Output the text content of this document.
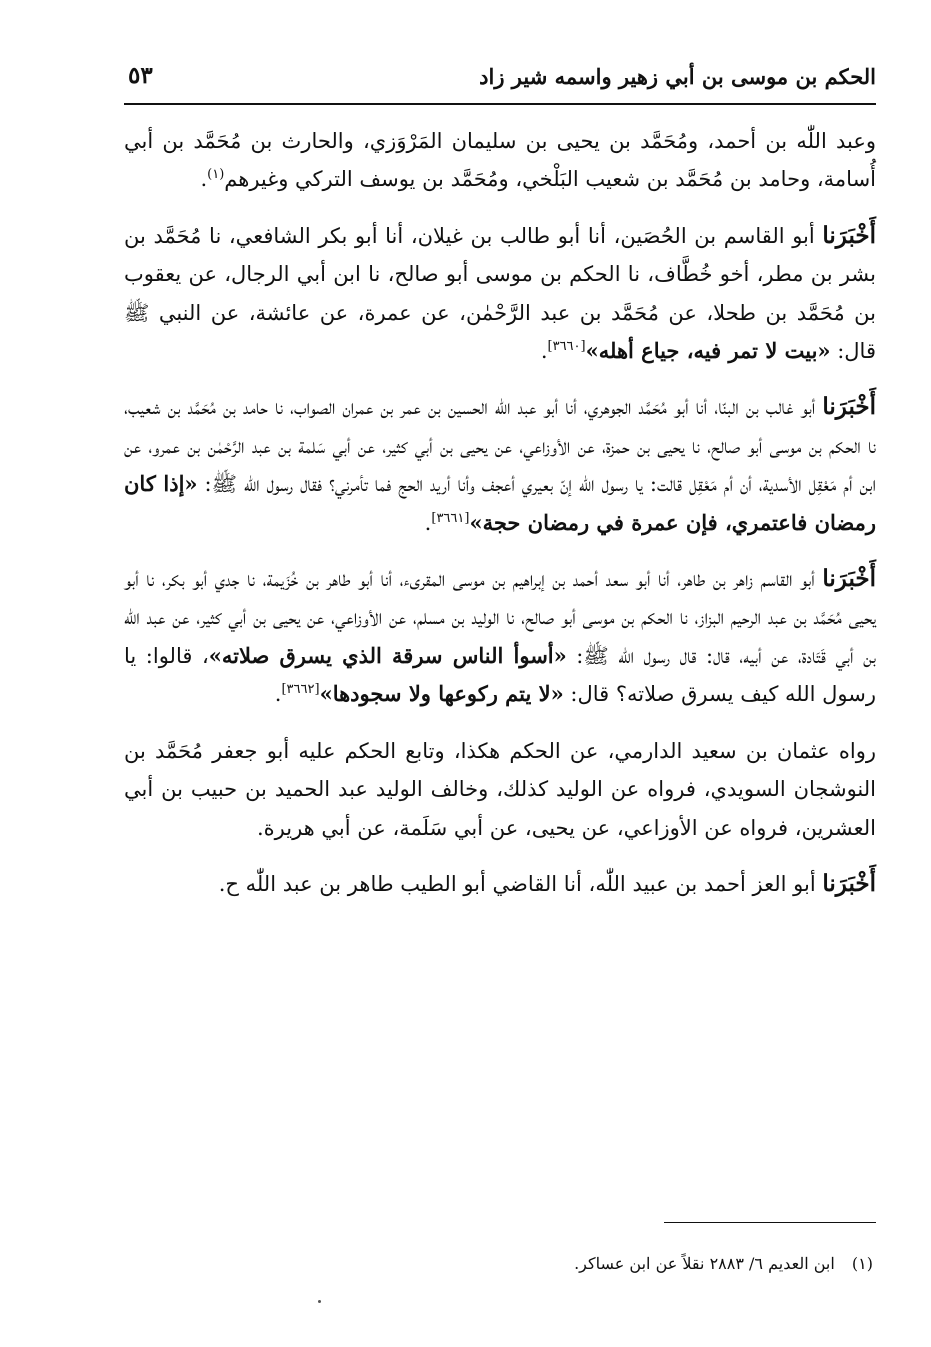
الحكم بن موسى بن أبي زهير واسمه شير زاد
٥٣

وعبد اللّٰه بن أحمد، ومُحَمَّد بن يحيى بن سليمان المَرْوَزي، والحارث بن مُحَمَّد بن أبي أُسامة، وحامد بن مُحَمَّد بن شعيب البَلْخي، ومُحَمَّد بن يوسف التركي وغيرهم$^{(١)}$.

أَخْبَرَنا أبو القاسم بن الحُصَين، أنا أبو طالب بن غيلان، أنا أبو بكر الشافعي، نا مُحَمَّد بن بشر بن مطر، أخو خُطَّاف، نا الحكم بن موسى أبو صالح، نا ابن أبي الرجال، عن يعقوب بن مُحَمَّد بن طحلا، عن مُحَمَّد بن عبد الرَّحْمٰن، عن عمرة، عن عائشة، عن النبي ﷺ قال: «بيت لا تمر فيه، جياع أهله»[٣٦٦٠].

أَخْبَرَنا أبو غالب بن البنّا، أنا أبو مُحَمَّد الجوهري، أنا أبو عبد اللّٰه الحسين بن عمر بن عمران الصواب، نا حامد بن مُحَمَّد بن شعيب، نا الحكم بن موسى أبو صالح، نا يحيى بن حمزة، عن الأوزاعي، عن يحيى بن أبي كثير، عن أبي سَلمة بن عبد الرَّحْمٰن بن عمرو، عن ابن أم مَعْقِل الأسدية، أن أم مَعْقِل قالت: يا رسول الله إنّ بعيري أعجف وأنا أريد الحج فما تأمرني؟ فقال رسول الله ﷺ: «إذا كان رمضان فاعتمري، فإن عمرة في رمضان حجة»[٣٦٦١].

أَخْبَرَنا أبو القاسم زاهر بن طاهر، أنا أبو سعد أحمد بن إبراهيم بن موسى المقرىء، أنا أبو طاهر بن خُزَيمة، نا جدي أبو بكر، نا أبو يحيى مُحَمَّد بن عبد الرحيم البزاز، نا الحكم بن موسى أبو صالح، نا الوليد بن مسلم، عن الأوزاعي، عن يحيى بن أبي كثير، عن عبد اللّٰه بن أبي قَتَادة، عن أبيه، قال: قال رسول الله ﷺ: «أسوأ الناس سرقة الذي يسرق صلاته»، قالوا: يا رسول الله كيف يسرق صلاته؟ قال: «لا يتم ركوعها ولا سجودها»[٣٦٦٢].

رواه عثمان بن سعيد الدارمي، عن الحكم هكذا، وتابع الحكم عليه أبو جعفر مُحَمَّد بن النوشجان السويدي، فرواه عن الوليد كذلك، وخالف الوليد عبد الحميد بن حبيب بن أبي العشرين، فرواه عن الأوزاعي، عن يحيى، عن أبي سَلَمة، عن أبي هريرة.

أَخْبَرَنا أبو العز أحمد بن عبيد اللّٰه، أنا القاضي أبو الطيب طاهر بن عبد اللّٰه ح.

(١) ابن العديم ٦/ ٢٨٨٣ نقلاً عن ابن عساكر.
